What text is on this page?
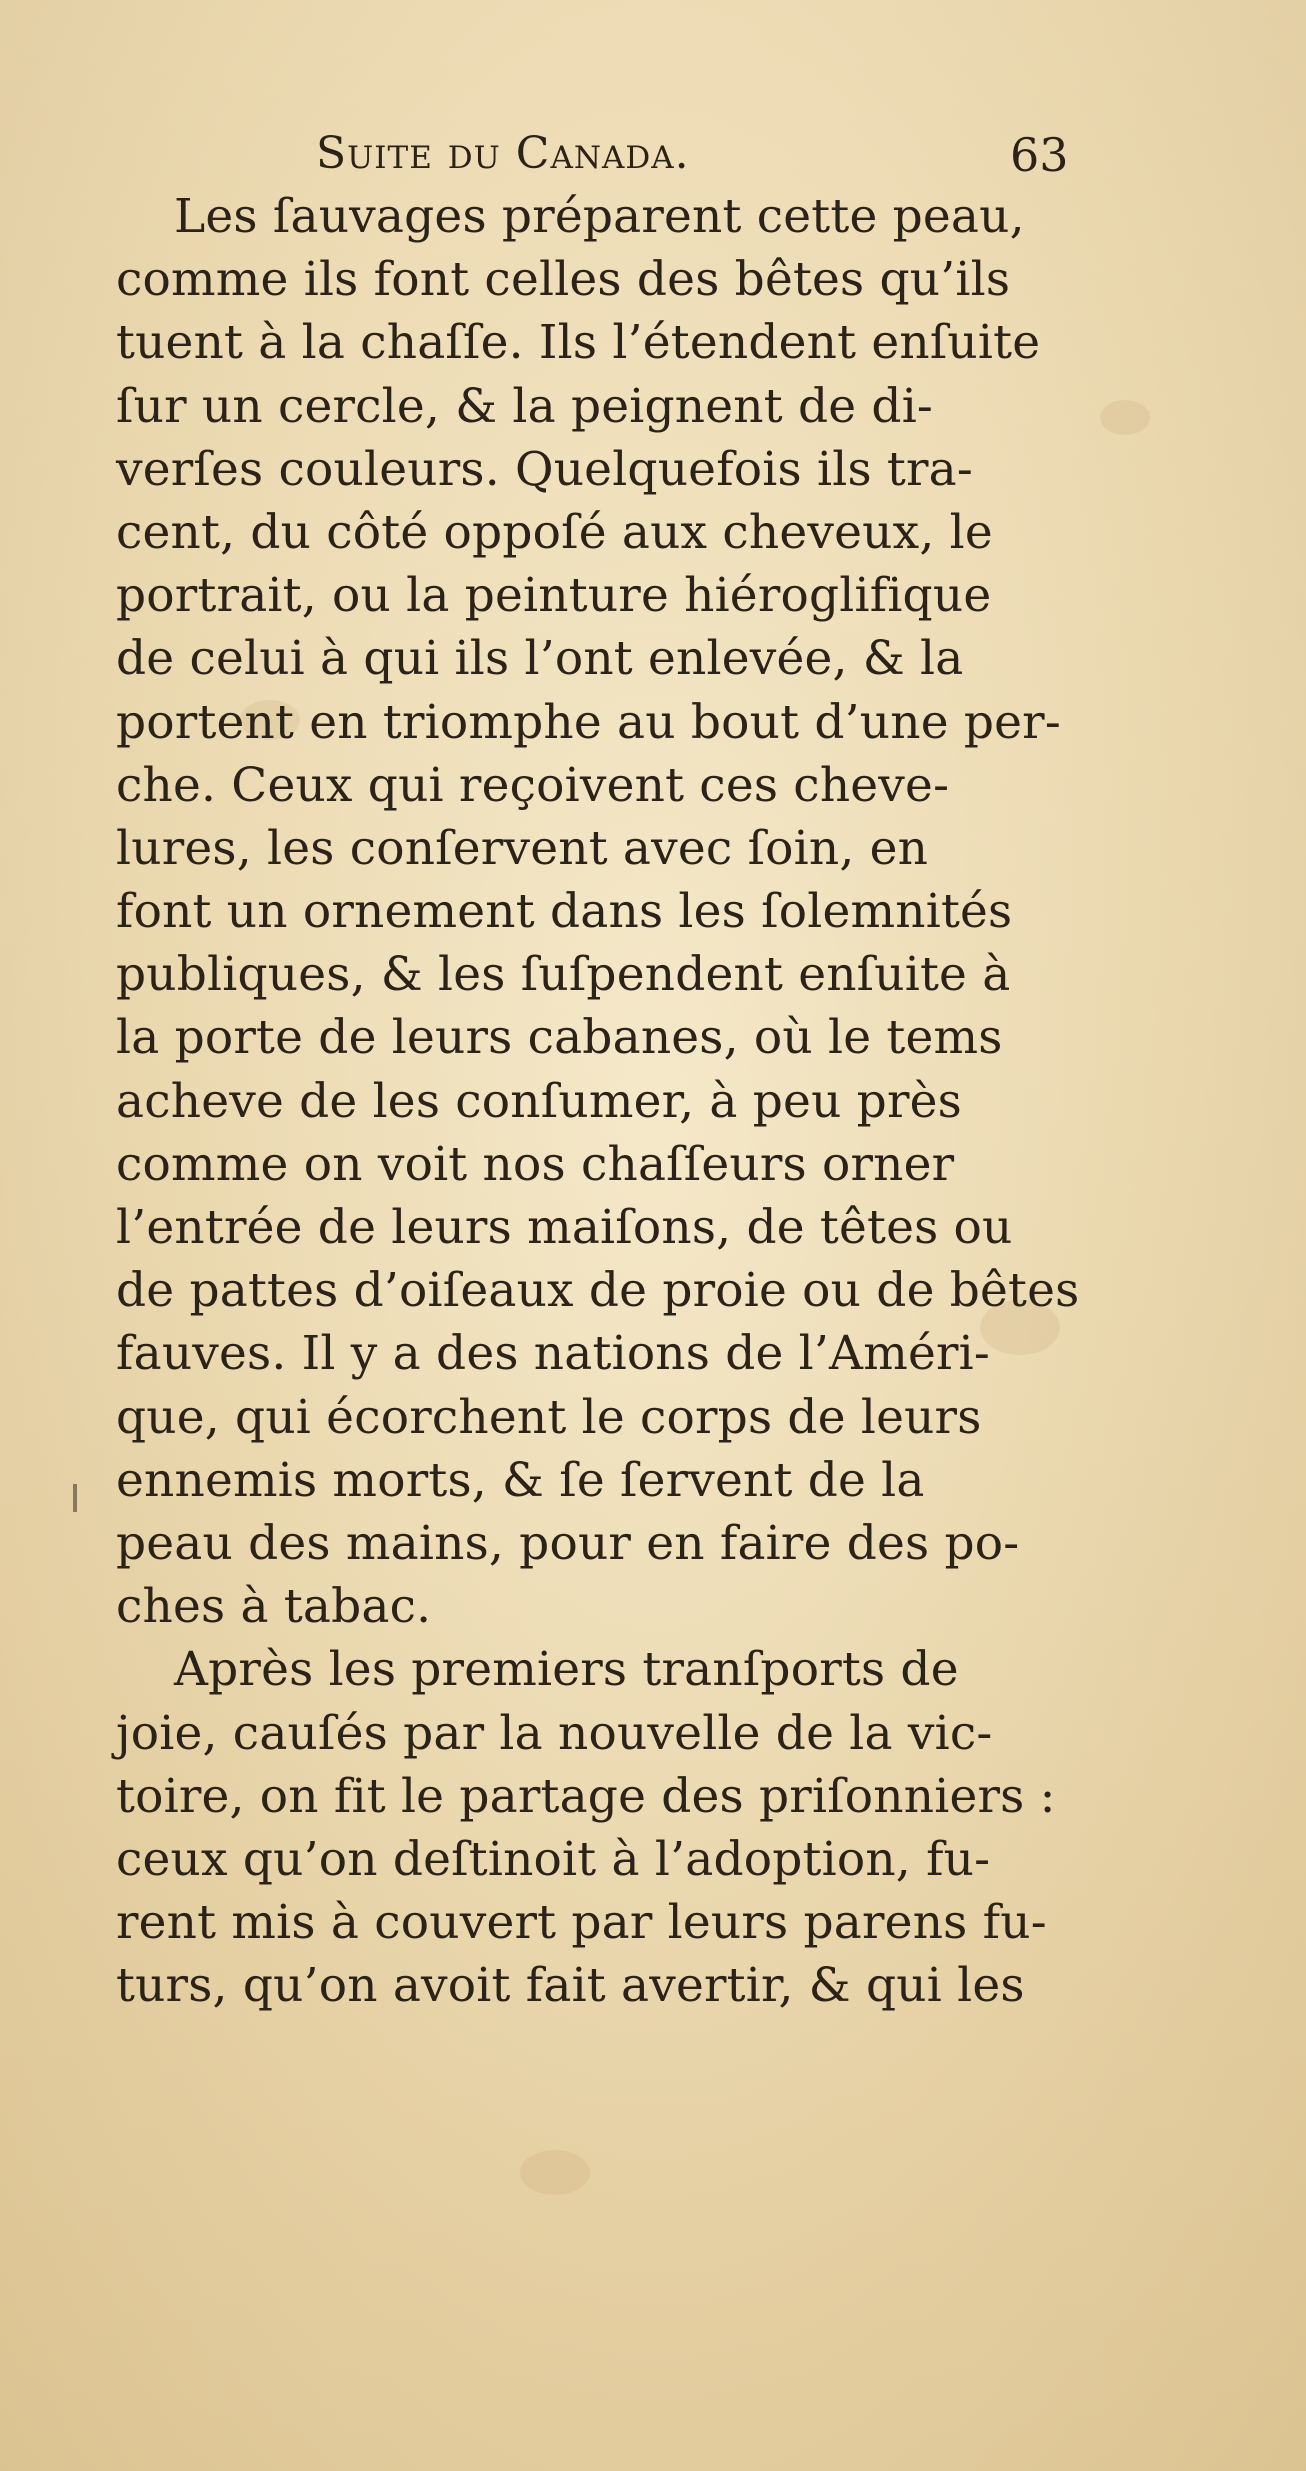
Suite du Canada.	63
Les ſauvages préparent cette peau,
comme ils font celles des bêtes qu’ils
tuent à la chaſſe. Ils l’étendent enſuite
ſur un cercle, & la peignent de di-
verſes couleurs. Quelquefois ils tra-
cent, du côté oppoſé aux cheveux, le
portrait, ou la peinture hiéroglifique
de celui à qui ils l’ont enlevée, & la
portent en triomphe au bout d’une per-
che. Ceux qui reçoivent ces cheve-
lures, les conſervent avec ſoin, en
font un ornement dans les ſolemnités
publiques, & les ſuſpendent enſuite à
la porte de leurs cabanes, où le tems
acheve de les conſumer, à peu près
comme on voit nos chaſſeurs orner
l’entrée de leurs maiſons, de têtes ou
de pattes d’oiſeaux de proie ou de bêtes
fauves. Il y a des nations de l’Améri-
que, qui écorchent le corps de leurs
ennemis morts, & ſe ſervent de la
peau des mains, pour en faire des po-
ches à tabac.
Après les premiers tranſports de
joie, cauſés par la nouvelle de la vic-
toire, on fit le partage des priſonniers :
ceux qu’on deſtinoit à l’adoption, fu-
rent mis à couvert par leurs parens fu-
turs, qu’on avoit fait avertir, & qui les
